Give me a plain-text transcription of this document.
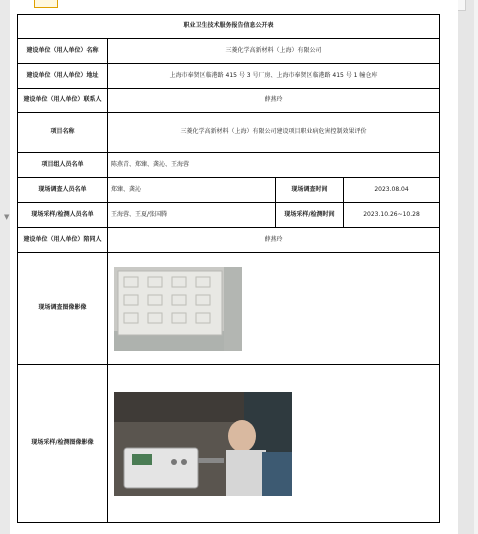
▼
职业卫生技术服务报告信息公开表			
建设单位（用人单位）名称	三菱化学高新材料（上海）有限公司		
建设单位（用人单位）地址	上海市奉贤区临港路 415 号 3 号厂房、上海市奉贤区临港路 415 号 1 幢仓库		
建设单位（用人单位）联系人	薛燕玲		
项目名称	三菱化学高新材料（上海）有限公司建设项目职业病危害控制效果评价		
项目组人员名单	陈燕青、郑臻、龚沁、王海蓉		
现场调查人员名单	郑臻、龚沁	现场调查时间	2023.08.04
现场采样/检测人员名单	王海蓉、王夏/张国腾	现场采样/检测时间	2023.10.26~10.28
建设单位（用人单位）陪同人	薛燕玲		
现场调查图像影像	

现场采样/检测图像影像	
